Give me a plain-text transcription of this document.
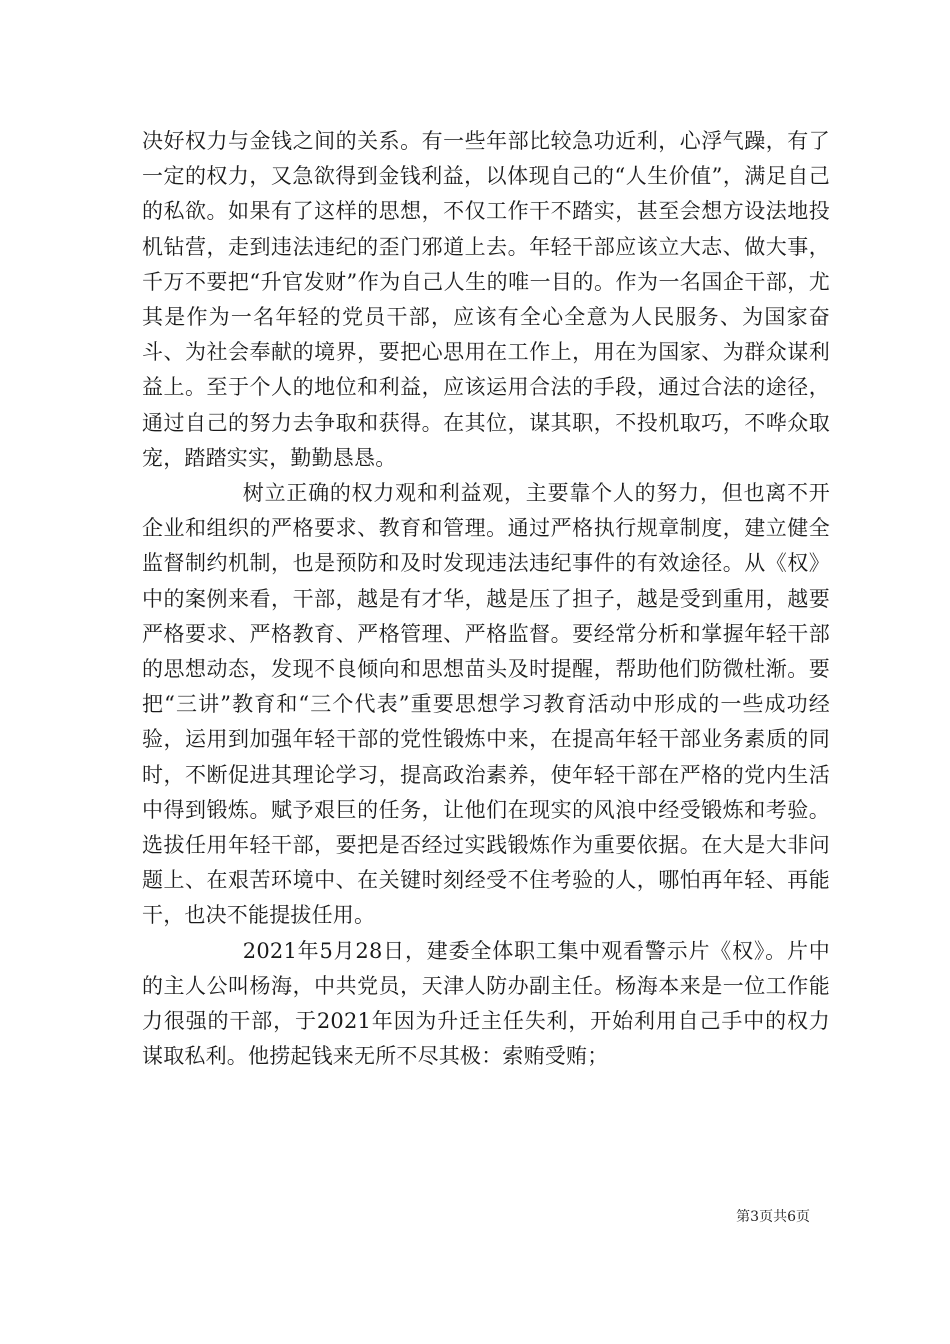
决好权力与金钱之间的关系。有一些年部比较急功近利，心浮气躁，有了一定的权力，又急欲得到金钱利益，以体现自己的“人生价值”，满足自己的私欲。如果有了这样的思想，不仅工作干不踏实，甚至会想方设法地投机钻营，走到违法违纪的歪门邪道上去。年轻干部应该立大志、做大事，千万不要把“升官发财”作为自己人生的唯一目的。作为一名国企干部，尤其是作为一名年轻的党员干部，应该有全心全意为人民服务、为国家奋斗、为社会奉献的境界，要把心思用在工作上，用在为国家、为群众谋利益上。至于个人的地位和利益，应该运用合法的手段，通过合法的途径，通过自己的努力去争取和获得。在其位，谋其职，不投机取巧，不哗众取宠，踏踏实实，勤勤恳恳。

树立正确的权力观和利益观，主要靠个人的努力，但也离不开企业和组织的严格要求、教育和管理。通过严格执行规章制度，建立健全监督制约机制，也是预防和及时发现违法违纪事件的有效途径。从《权》中的案例来看，干部，越是有才华，越是压了担子，越是受到重用，越要严格要求、严格教育、严格管理、严格监督。要经常分析和掌握年轻干部的思想动态，发现不良倾向和思想苗头及时提醒，帮助他们防微杜渐。要把“三讲”教育和“三个代表”重要思想学习教育活动中形成的一些成功经验，运用到加强年轻干部的党性锻炼中来，在提高年轻干部业务素质的同时，不断促进其理论学习，提高政治素养，使年轻干部在严格的党内生活中得到锻炼。赋予艰巨的任务，让他们在现实的风浪中经受锻炼和考验。选拔任用年轻干部，要把是否经过实践锻炼作为重要依据。在大是大非问题上、在艰苦环境中、在关键时刻经受不住考验的人，哪怕再年轻、再能干，也决不能提拔任用。

2021年5月28日，建委全体职工集中观看警示片《权》。片中的主人公叫杨海，中共党员，天津人防办副主任。杨海本来是一位工作能力很强的干部，于2021年因为升迁主任失利，开始利用自己手中的权力谋取私利。他捞起钱来无所不尽其极：索贿受贿；

第3页共6页
